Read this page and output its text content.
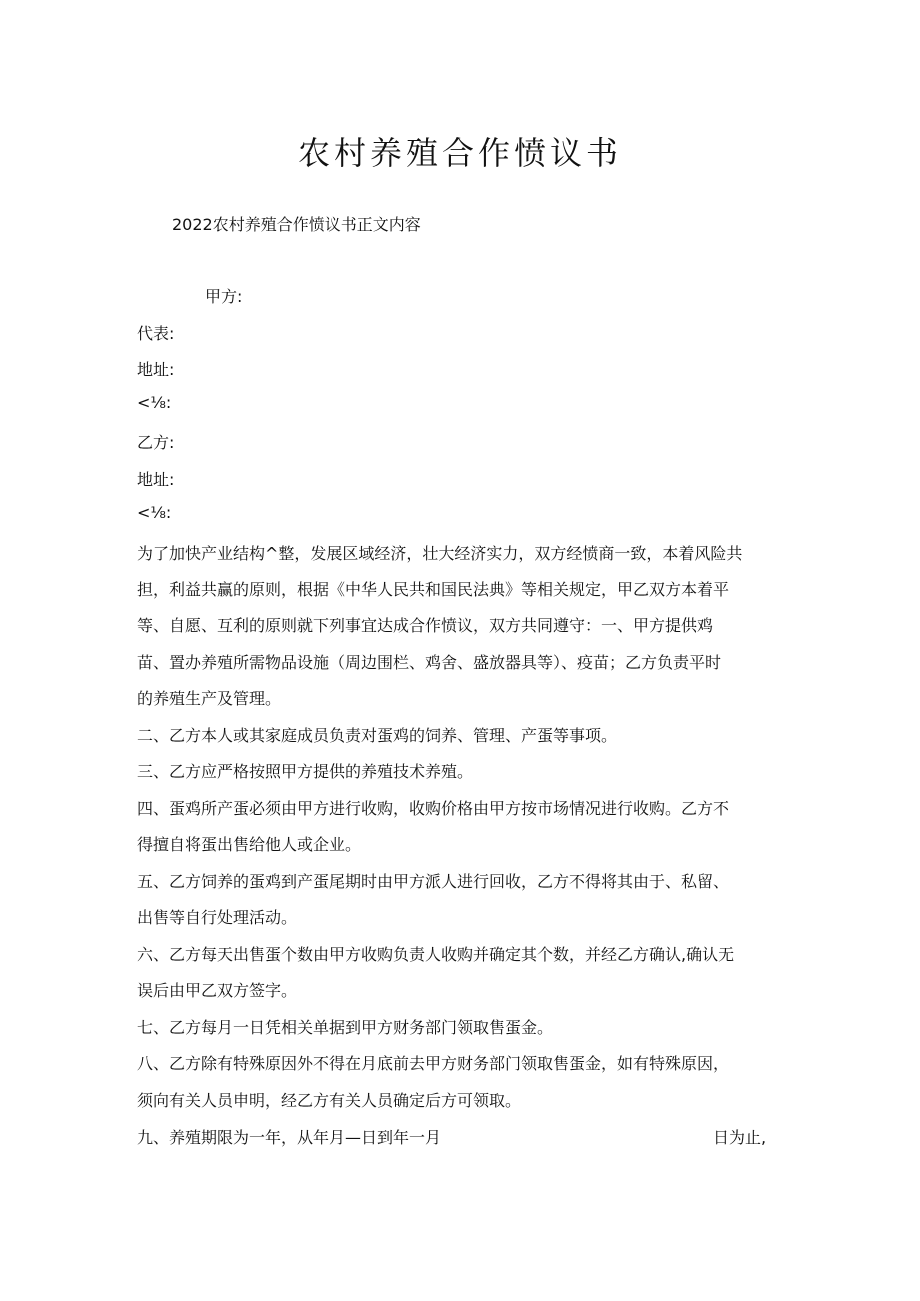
农村养殖合作愤议书
2022农村养殖合作愤议书正文内容
甲方:
代表:
地址:
<⅛:
乙方:
地址:
<⅛:
为了加快产业结构^整，发展区域经济，壮大经济实力，双方经愤商一致，本着风险共
担，利益共赢的原则，根据《中华人民共和国民法典》等相关规定，甲乙双方本着平
等、自愿、互利的原则就下列事宜达成合作愤议，双方共同遵守：一、甲方提供鸡
苗、置办养殖所需物品设施（周边围栏、鸡舍、盛放器具等）、疫苗；乙方负责平时
的养殖生产及管理。
二、乙方本人或其家庭成员负责对蛋鸡的饲养、管理、产蛋等事项。
三、乙方应严格按照甲方提供的养殖技术养殖。
四、蛋鸡所产蛋必须由甲方进行收购，收购价格由甲方按市场情况进行收购。乙方不
得擅自将蛋出售给他人或企业。
五、乙方饲养的蛋鸡到产蛋尾期时由甲方派人进行回收，乙方不得将其由于、私留、
出售等自行处理活动。
六、乙方每天出售蛋个数由甲方收购负责人收购并确定其个数，并经乙方确认,确认无
误后由甲乙双方签字。
七、乙方每月一日凭相关单据到甲方财务部门领取售蛋金。
八、乙方除有特殊原因外不得在月底前去甲方财务部门领取售蛋金，如有特殊原因，
须向有关人员申明，经乙方有关人员确定后方可领取。
九、养殖期限为一年，从年月—日到年一月	日为止,
